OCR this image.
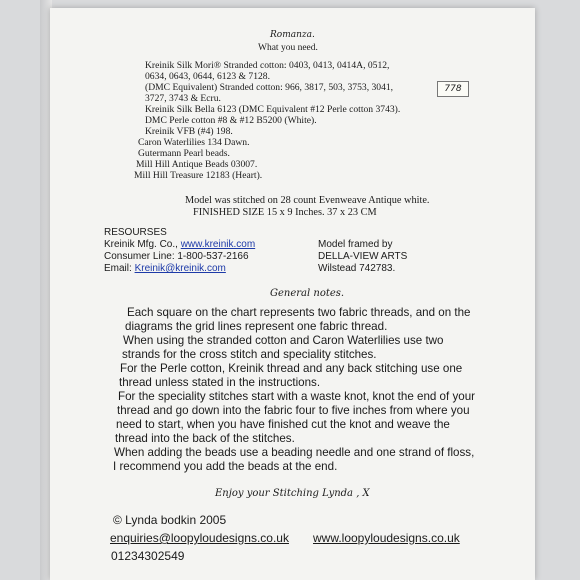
Romanza.
What you need.
Kreinik Silk Mori® Stranded cotton: 0403, 0413, 0414A, 0512,
0634, 0643, 0644, 6123 & 7128.
(DMC Equivalent) Stranded cotton: 966, 3817, 503, 3753, 3041,
3727, 3743 & Ecru.
Kreinik Silk Bella 6123 (DMC Equivalent #12 Perle cotton 3743).
DMC Perle cotton #8 & #12 B5200 (White).
Kreinik VFB (#4) 198.
Caron Waterlilies 134 Dawn.
Gutermann Pearl beads.
Mill Hill Antique Beads 03007.
Mill Hill Treasure 12183 (Heart).
778
Model was stitched on 28 count Evenweave Antique white.
FINISHED SIZE 15 x 9 Inches. 37 x 23 CM
RESOURSES
Kreinik Mfg. Co., www.kreinik.com
Consumer Line: 1-800-537-2166
Email: Kreinik@kreinik.com
Model framed by
DELLA-VIEW ARTS
Wilstead 742783.
General notes.
Each square on the chart represents two fabric threads, and on the
diagrams the grid lines represent one fabric thread.
When using the stranded cotton and Caron Waterlilies use two
strands for the cross stitch and speciality stitches.
For the Perle cotton, Kreinik thread and any back stitching use one
thread unless stated in the instructions.
For the speciality stitches start with a waste knot, knot the end of your
thread and go down into the fabric four to five inches from where you
need to start, when you have finished cut the knot and weave the
thread into the back of the stitches.
When adding the beads use a beading needle and one strand of floss,
I recommend you add the beads at the end.
Enjoy your Stitching Lynda , X
© Lynda bodkin 2005
enquiries@loopyloudesigns.co.uk www.loopyloudesigns.co.uk
01234302549
